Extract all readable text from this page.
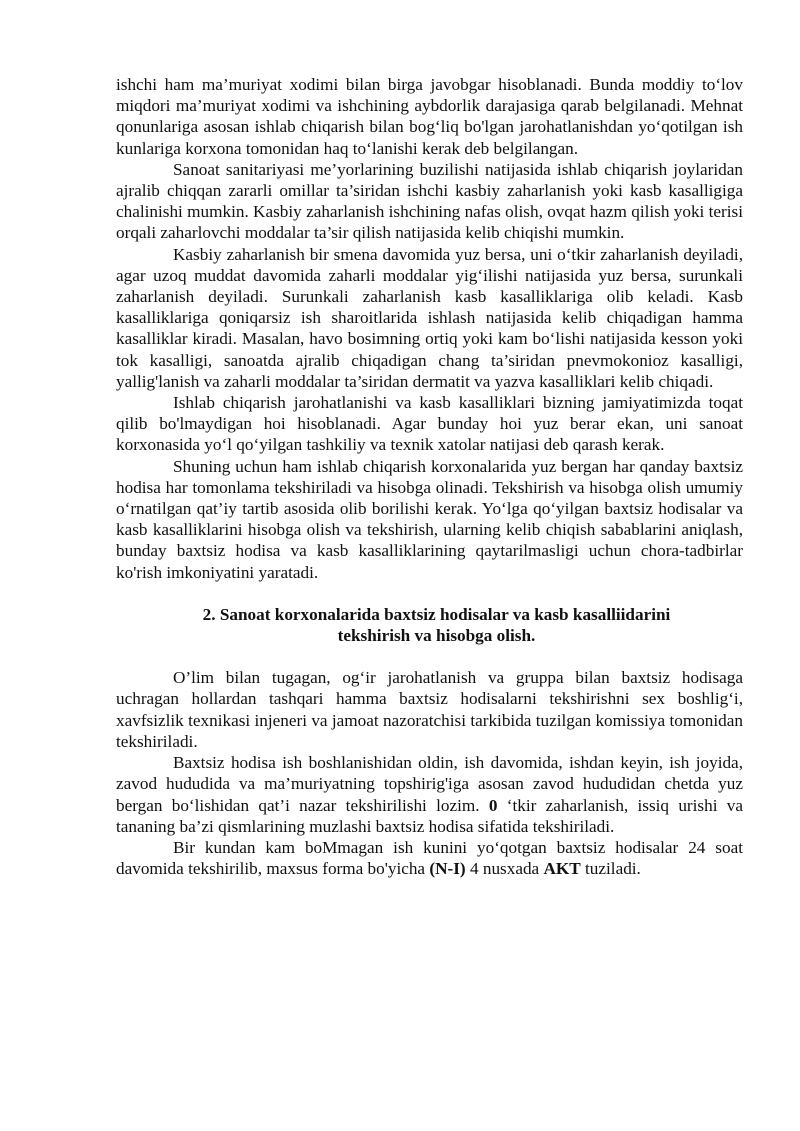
ishchi ham ma’muriyat xodimi bilan birga javobgar hisoblanadi. Bunda moddiy to‘lov miqdori ma’muriyat xodimi va ishchining aybdorlik darajasiga qarab belgilanadi. Mehnat qonunlariga asosan ishlab chiqarish bilan bog‘liq bo'lgan jarohatlanishdan yo‘qotilgan ish kunlariga korxona tomonidan haq to‘lanishi kerak deb belgilangan.

Sanoat sanitariyasi me’yorlarining buzilishi natijasida ishlab chiqarish joylaridan ajralib chiqqan zararli omillar ta’siridan ishchi kasbiy zaharlanish yoki kasb kasalligiga chalinishi mumkin. Kasbiy zaharlanish ishchining nafas olish, ovqat hazm qilish yoki terisi orqali zaharlovchi moddalar ta’sir qilish natijasida kelib chiqishi mumkin.

Kasbiy zaharlanish bir smena davomida yuz bersa, uni o‘tkir zaharlanish deyiladi, agar uzoq muddat davomida zaharli moddalar yig‘ilishi natijasida yuz bersa, surunkali zaharlanish deyiladi. Surunkali zaharlanish kasb kasalliklariga olib keladi. Kasb kasalliklariga qoniqarsiz ish sharoitlarida ishlash natijasida kelib chiqadigan hamma kasalliklar kiradi. Masalan, havo bosimning ortiq yoki kam bo‘lishi natijasida kesson yoki tok kasalligi, sanoatda ajralib chiqadigan chang ta’siridan pnevmokonioz kasalligi, yallig'lanish va zaharli moddalar ta’siridan dermatit va yazva kasalliklari kelib chiqadi.

Ishlab chiqarish jarohatlanishi va kasb kasalliklari bizning jamiyatimizda toqat qilib bo'lmaydigan hoi hisoblanadi. Agar bunday hoi yuz berar ekan, uni sanoat korxonasida yo‘l qo‘yilgan tashkiliy va texnik xatolar natijasi deb qarash kerak.

Shuning uchun ham ishlab chiqarish korxonalarida yuz bergan har qanday baxtsiz hodisa har tomonlama tekshiriladi va hisobga olinadi. Tekshirish va hisobga olish umumiy o‘rnatilgan qat’iy tartib asosida olib borilishi kerak. Yo‘lga qo‘yilgan baxtsiz hodisalar va kasb kasalliklarini hisobga olish va tekshirish, ularning kelib chiqish sabablarini aniqlash, bunday baxtsiz hodisa va kasb kasalliklarining qaytarilmasligi uchun chora-tadbirlar ko'rish imkoniyatini yaratadi.

2. Sanoat korxonalarida baxtsiz hodisalar va kasb kasalliidarini
tekshirish va hisobga olish.

O’lim bilan tugagan, og‘ir jarohatlanish va gruppa bilan baxtsiz hodisaga uchragan hollardan tashqari hamma baxtsiz hodisalarni tekshirishni sex boshlig‘i, xavfsizlik texnikasi injeneri va jamoat nazoratchisi tarkibida tuzilgan komissiya tomonidan tekshiriladi.

Baxtsiz hodisa ish boshlanishidan oldin, ish davomida, ishdan keyin, ish joyida, zavod hududida va ma’muriyatning topshirig'iga asosan zavod hududidan chetda yuz bergan bo‘lishidan qat’i nazar tekshirilishi lozim. 0 ‘tkir zaharlanish, issiq urishi va tananing ba’zi qismlarining muzlashi baxtsiz hodisa sifatida tekshiriladi.

Bir kundan kam boMmagan ish kunini yo‘qotgan baxtsiz hodisalar 24 soat davomida tekshirilib, maxsus forma bo'yicha (N-I) 4 nusxada AKT tuziladi.
